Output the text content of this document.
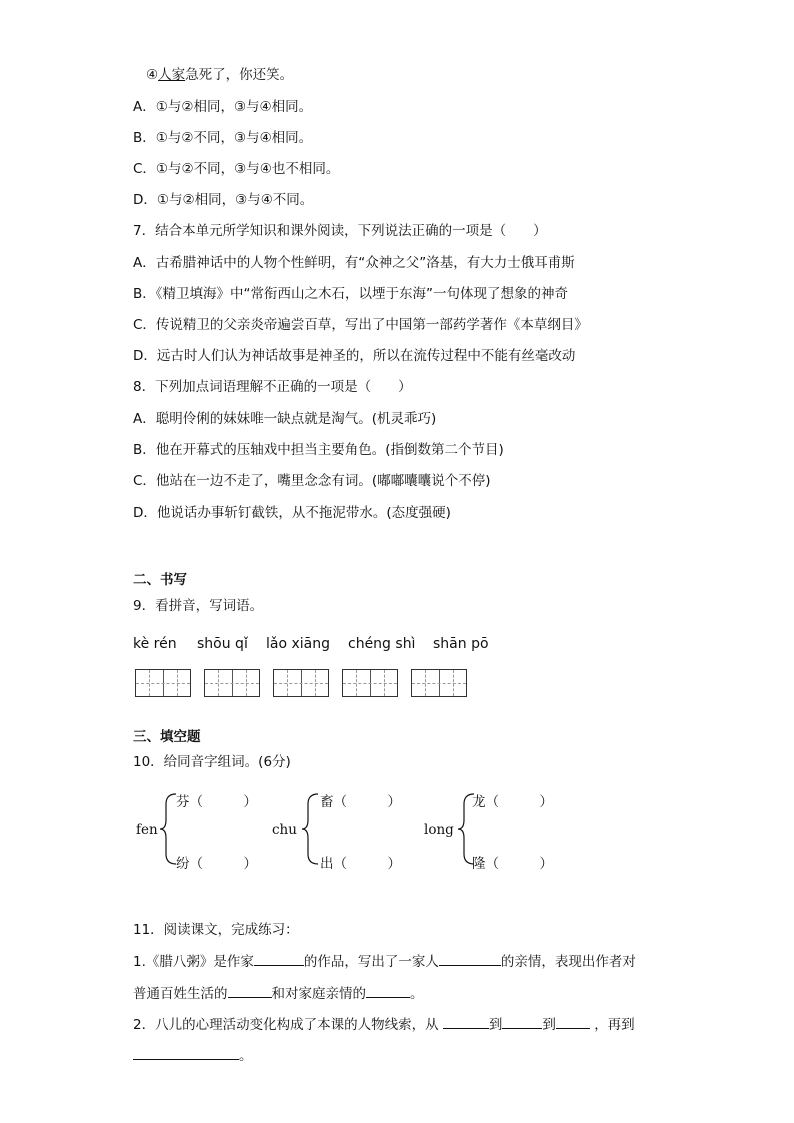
④人家急死了，你还笑。
A．①与②相同，③与④相同。
B．①与②不同，③与④相同。
C．①与②不同，③与④也不相同。
D．①与②相同，③与④不同。
7．结合本单元所学知识和课外阅读，下列说法正确的一项是（　　）
A．古希腊神话中的人物个性鲜明，有“众神之父”洛基，有大力士俄耳甫斯
B．《精卫填海》中“常衔西山之木石，以堙于东海”一句体现了想象的神奇
C．传说精卫的父亲炎帝遍尝百草，写出了中国第一部药学著作《本草纲目》
D．远古时人们认为神话故事是神圣的，所以在流传过程中不能有丝毫改动
8．下列加点词语理解不正确的一项是（　　）
A．聪明伶俐的妹妹唯一缺点就是淘气。(机灵乖巧)
B．他在开幕式的压轴戏中担当主要角色。(指倒数第二个节目)
C．他站在一边不走了，嘴里念念有词。(嘟嘟囔囔说个不停)
D．他说话办事斩钉截铁，从不拖泥带水。(态度强硬)
二、书写
9．看拼音，写词语。
kè rén shōu qǐ lǎo xiāng chéng shì shān pō
三、填空题
10．给同音字组词。(6分)
fen
芬（　　　）
纷（　　　）
chu
畜（　　　）
出（　　　）
long
龙（　　　）
隆（　　　）
11．阅读课文，完成练习：
1.《腊八粥》是作家	的作品，写出了一家人	的亲情，表现出作者对
普通百姓生活的	和对家庭亲情的	。
2．八儿的心理活动变化构成了本课的人物线索，从	到	到	，再到
。
